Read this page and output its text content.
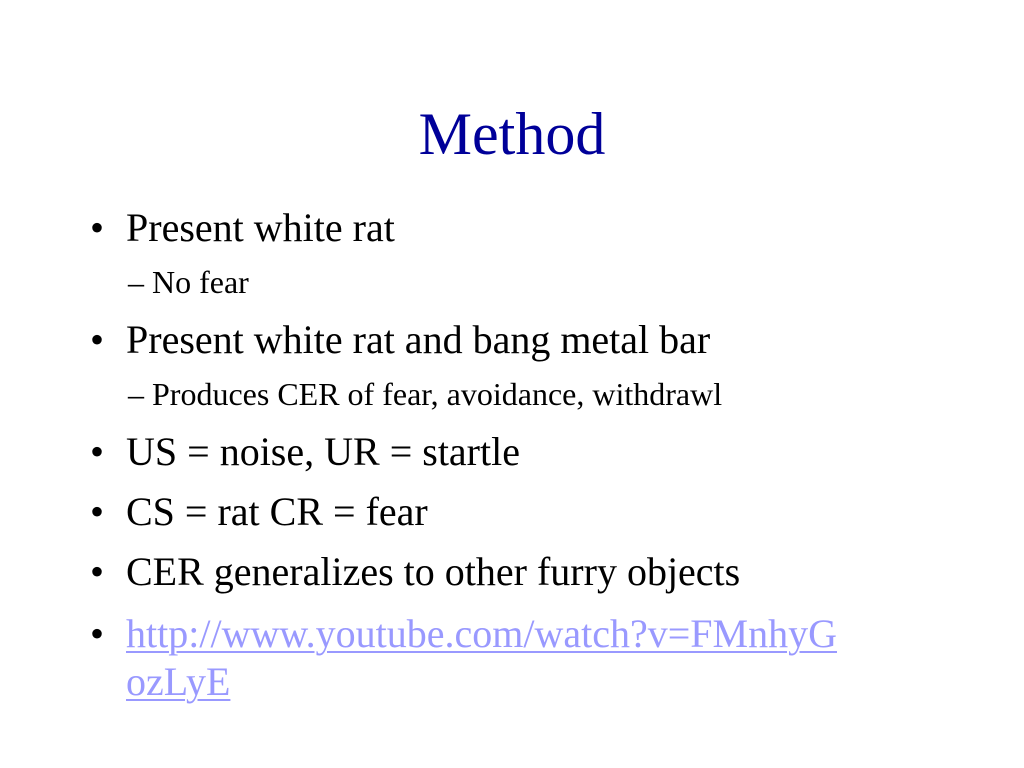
Method
• Present white rat
– No fear
• Present white rat and bang metal bar
– Produces CER of fear, avoidance, withdrawl
• US = noise, UR = startle
• CS = rat CR = fear
• CER generalizes to other furry objects
• http://www.youtube.com/watch?v=FMnhyG
ozLyE
